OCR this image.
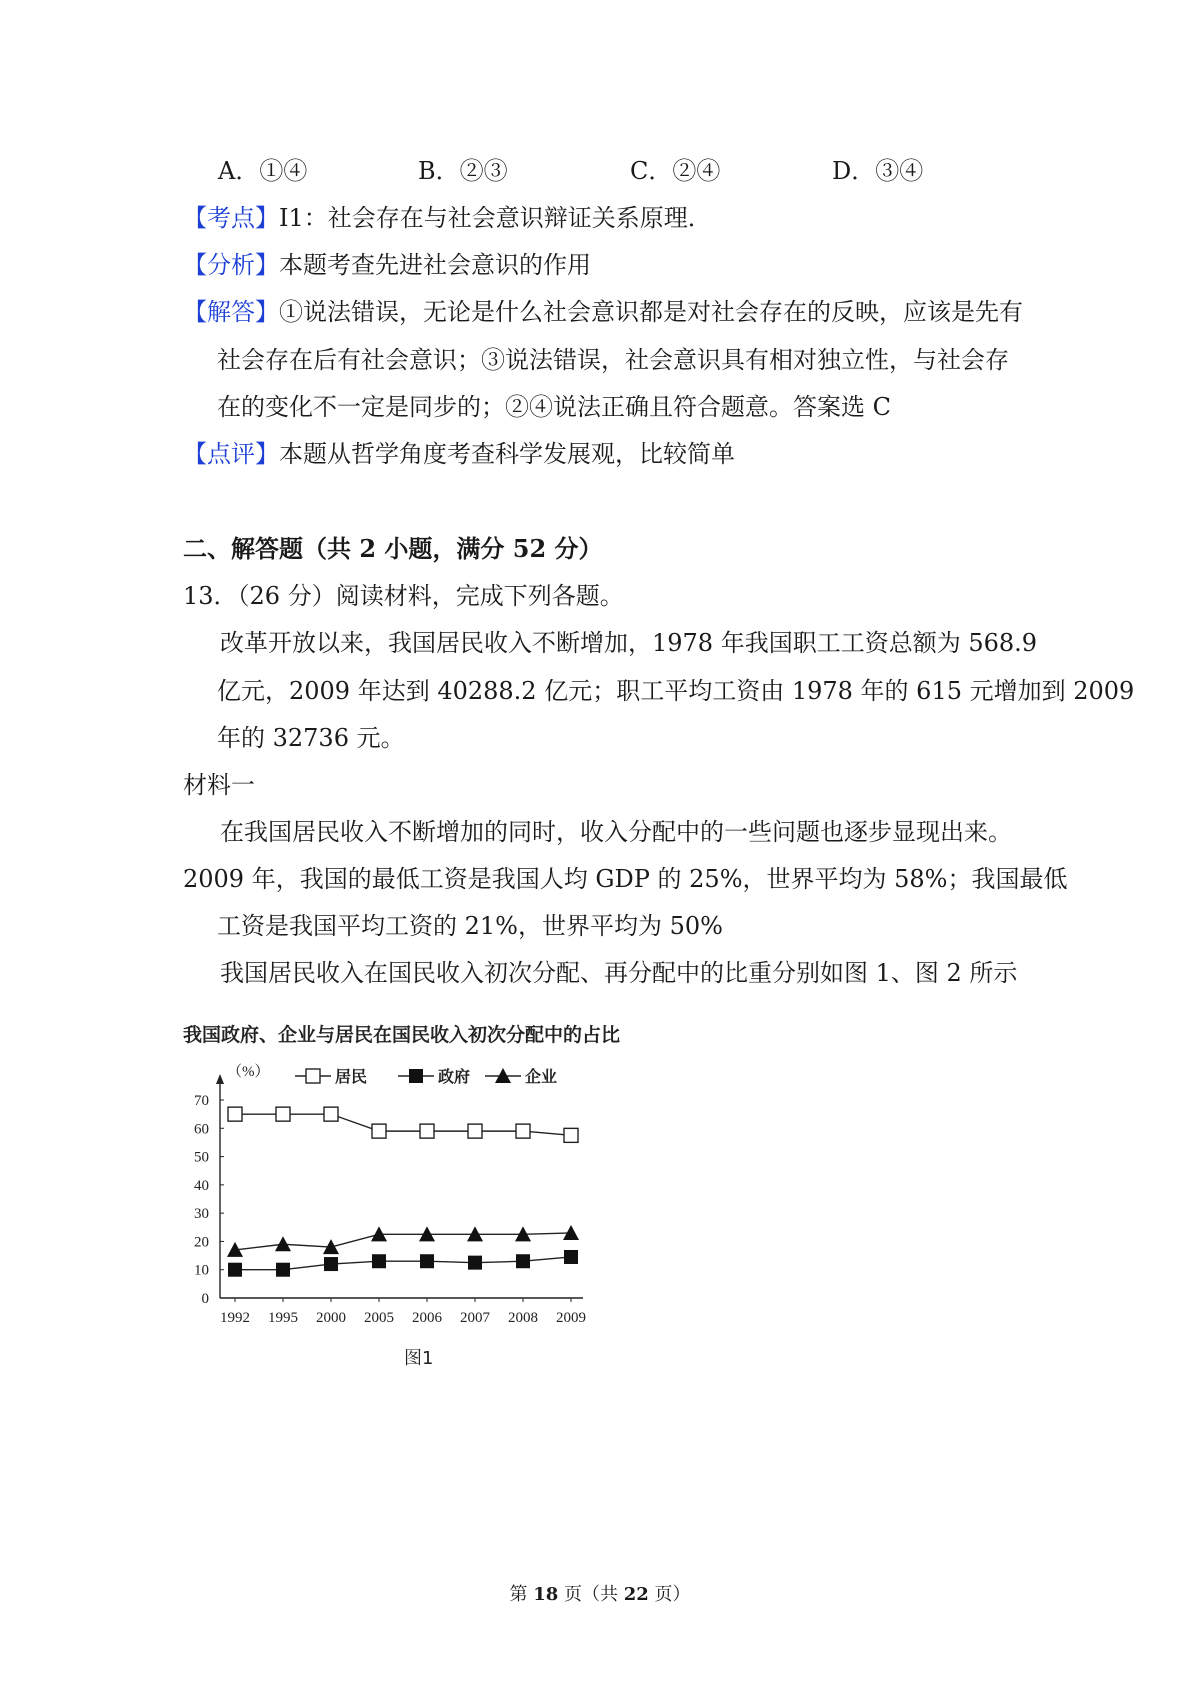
A．①④	B．②③	C．②④	D．③④
【考点】I1：社会存在与社会意识辩证关系原理．
【分析】本题考查先进社会意识的作用
【解答】①说法错误，无论是什么社会意识都是对社会存在的反映，应该是先有
社会存在后有社会意识；③说法错误，社会意识具有相对独立性，与社会存
在的变化不一定是同步的；②④说法正确且符合题意。答案选 C
【点评】本题从哲学角度考查科学发展观，比较简单
二、解答题（共 2 小题，满分 52 分）
13．（26 分）阅读材料，完成下列各题。
改革开放以来，我国居民收入不断增加，1978 年我国职工工资总额为 568.9
亿元，2009 年达到 40288.2 亿元；职工平均工资由 1978 年的 615 元增加到 2009
年的 32736 元。
材料一
在我国居民收入不断增加的同时，收入分配中的一些问题也逐步显现出来。
2009 年，我国的最低工资是我国人均 GDP 的 25%，世界平均为 58%；我国最低
工资是我国平均工资的 21%，世界平均为 50%
我国居民收入在国民收入初次分配、再分配中的比重分别如图 1、图 2 所示
我国政府、企业与居民在国民收入初次分配中的占比
（%）
0
10
20
30
40
50
60
70
1992 1995 2000 2005 2006 2007 2008 2009
居民	政府	企业
图1
第 18 页（共 22 页）
